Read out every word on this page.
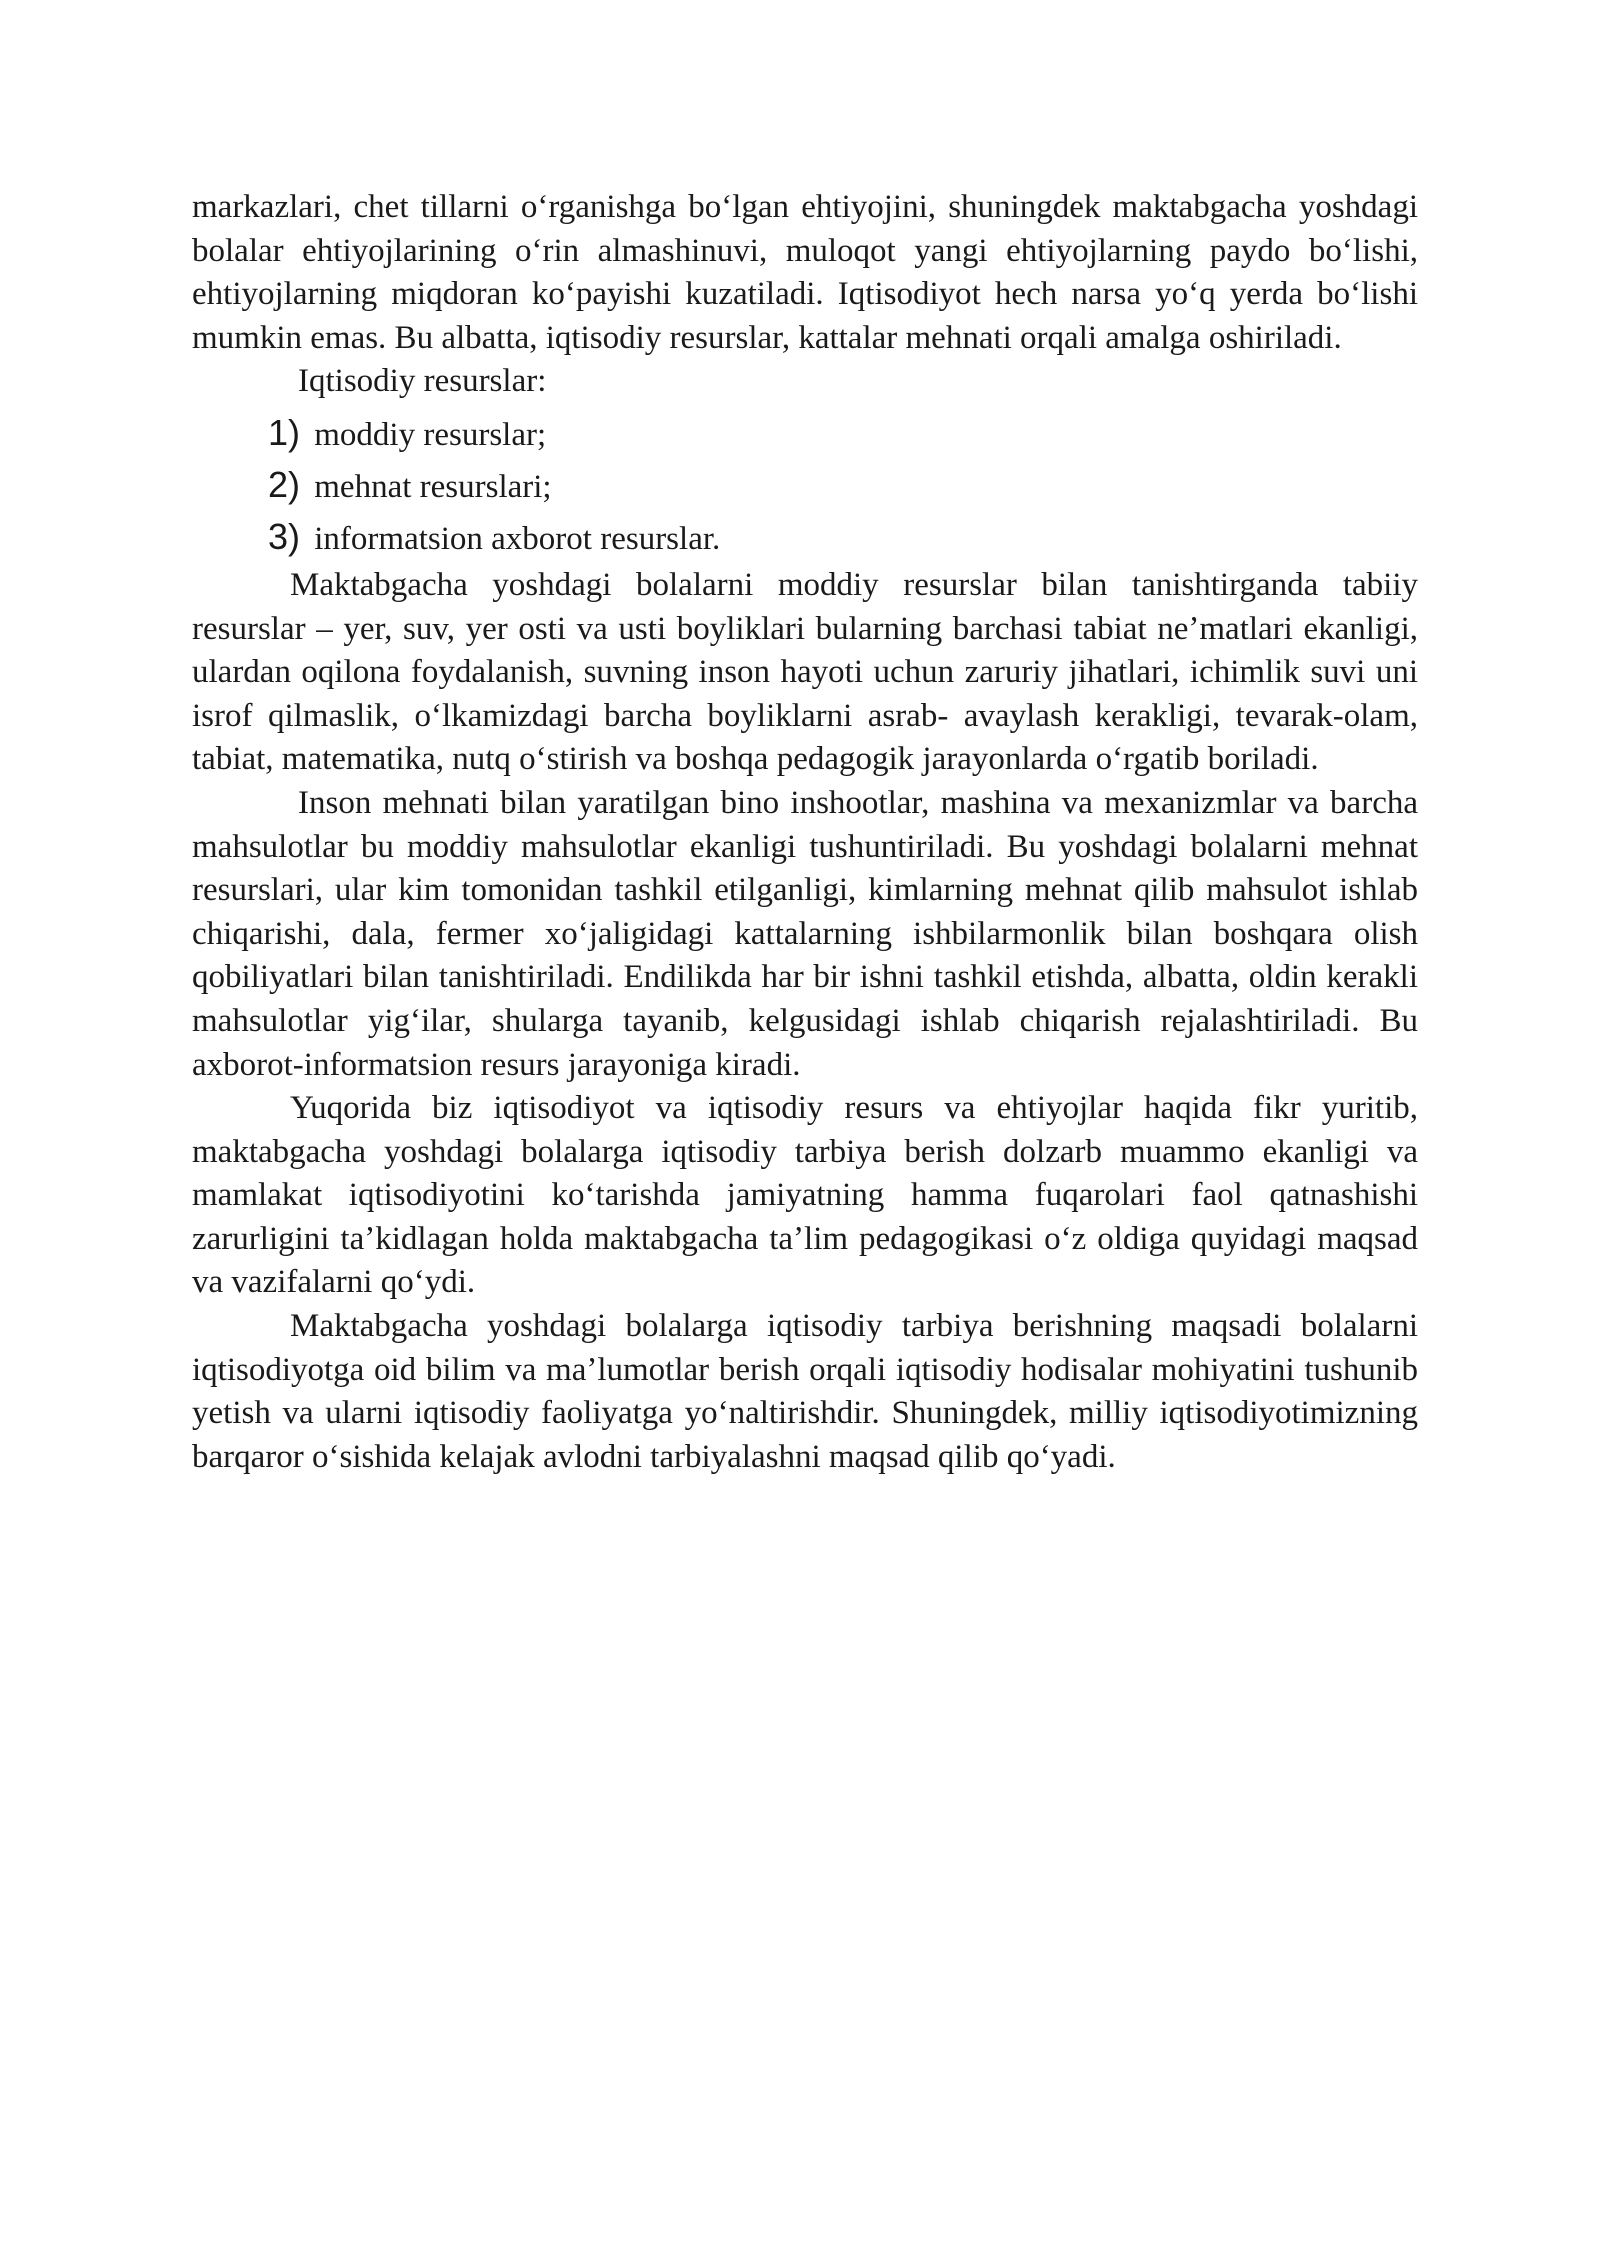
markazlari, chet tillarni oʻrganishga boʻlgan ehtiyojini, shuningdek maktabgacha yoshdagi bolalar ehtiyojlarining oʻrin almashinuvi, muloqot yangi ehtiyojlarning paydo boʻlishi, ehtiyojlarning miqdoran koʻpayishi kuzatiladi. Iqtisodiyot hech narsa yoʻq yerda boʻlishi mumkin emas. Bu albatta, iqtisodiy resurslar, kattalar mehnati orqali amalga oshiriladi.

Iqtisodiy resurslar:

1) moddiy resurslar;
2) mehnat resurslari;
3) informatsion axborot resurslar.

Maktabgacha yoshdagi bolalarni moddiy resurslar bilan tanishtirganda tabiiy resurslar – yer, suv, yer osti va usti boyliklari bularning barchasi tabiat neʼmatlari ekanligi, ulardan oqilona foydalanish, suvning inson hayoti uchun zaruriy jihatlari, ichimlik suvi uni isrof qilmaslik, oʻlkamizdagi barcha boyliklarni asrab- avaylash kerakligi, tevarak-olam, tabiat, matematika, nutq oʻstirish va boshqa pedagogik jarayonlarda oʻrgatib boriladi.

Inson mehnati bilan yaratilgan bino inshootlar, mashina va mexanizmlar va barcha mahsulotlar bu moddiy mahsulotlar ekanligi tushuntiriladi. Bu yoshdagi bolalarni mehnat resurslari, ular kim tomonidan tashkil etilganligi, kimlarning mehnat qilib mahsulot ishlab chiqarishi, dala, fermer xoʻjaligidagi kattalarning ishbilarmonlik bilan boshqara olish qobiliyatlari bilan tanishtiriladi. Endilikda har bir ishni tashkil etishda, albatta, oldin kerakli mahsulotlar yigʻilar, shularga tayanib, kelgusidagi ishlab chiqarish rejalashtiriladi. Bu axborot-informatsion resurs jarayoniga kiradi.

Yuqorida biz iqtisodiyot va iqtisodiy resurs va ehtiyojlar haqida fikr yuritib, maktabgacha yoshdagi bolalarga iqtisodiy tarbiya berish dolzarb muammo ekanligi va mamlakat iqtisodiyotini koʻtarishda jamiyatning hamma fuqarolari faol qatnashishi zarurligini taʼkidlagan holda maktabgacha taʼlim pedagogikasi oʻz oldiga quyidagi maqsad va vazifalarni qoʻydi.

Maktabgacha yoshdagi bolalarga iqtisodiy tarbiya berishning maqsadi bolalarni iqtisodiyotga oid bilim va maʼlumotlar berish orqali iqtisodiy hodisalar mohiyatini tushunib yetish va ularni iqtisodiy faoliyatga yoʻnaltirishdir. Shuningdek, milliy iqtisodiyotimizning barqaror oʻsishida kelajak avlodni tarbiyalashni maqsad qilib qoʻyadi.
